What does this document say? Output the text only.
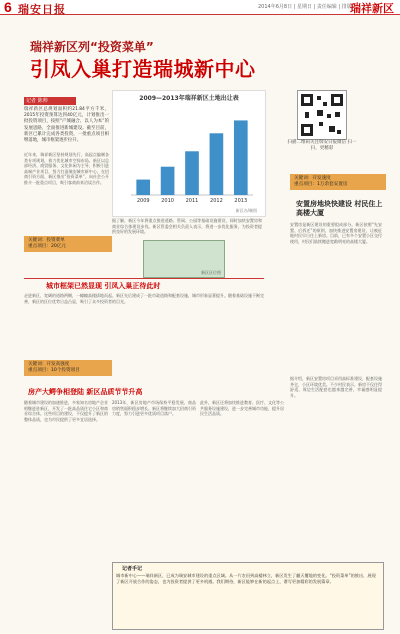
6 瑞安日报	2014年6月8日 | 星期日 | 责任编辑 | 排版
瑞祥新区
瑞祥新区列“投资菜单”
引凤入巢打造瑞城新中心
记者 陈帅
瑞祥新区总规划面积约21.84平方千米，2015年投资预算达到40亿元，计划推出一批投资项目，按照“产城融合、以人为本”的发展思路，全面推进新城建设。截至目前，新区已累计完成各类投资，一批重点项目相继落地，城市框架逐步拉开。
近年来，瑞祥新区坚持规划先行，高起点编制各类专项规划，着力优化城市空间布局。新区以总部经济、商贸服务、文化休闲为主导，积极引进高端产业项目，努力打造瑞安城市新中心。在招商引资方面，新区推出“投资菜单”，向社会公开推介一批重点项目，吸引客商前来洽谈合作。
关键词：投资菜单
重点项目：20亿元
2009—2013年瑞祥新区土地出让表
2009 2010 2011 2012 2013
新区办/制图
据了解，新区今年将重点推进道路、管网、公园等基础设施建设，同时加快安置房和商业综合体建设步伐。新区管委会相关负责人表示，将进一步优化服务，为投资者提供良好的发展环境。
新区区位图
城市框架已然显现 引凤入巢正待此时
走进新区，宽阔的道路两侧，一幢幢高楼拔地而起。新区先后建成了一批市政道路和配套设施，城市形象显著提升。随着基础设施不断完善，新区的区位优势日益凸显，吸引了众多投资者的目光。
关键词：开发高强度
重点项目：10个投资项目
房产大鳄争相登陆 新区品质节节升高
随着城市建设的加速推进，多家知名房地产企业相继进驻新区，开发了一批高品质住宅小区和商业综合体。这些项目的建设，不仅提升了新区的整体品质，也为市民提供了更多宜居选择。
2013年，新区房地产市场保持平稳发展，商品房销售面积稳步增长。新区将继续加大招商引资力度，努力引进更多优质项目落户。
此外，新区还将加快推进教育、医疗、文化等公共服务设施建设，进一步完善城市功能，提升居民生活品质。
记者手记
城市新中心——瑞祥新区，已成为瑞安城市建设的重点区域。从一片农田到高楼林立，新区发生了翻天覆地的变化。“投资菜单”的推出，展现了新区开放合作的姿态，也为投资者提供了更多机遇。我们期待，新区能够在新的起点上，谱写更加精彩的发展篇章。
扫描二维码关注瑞安日报微信 扫一扫，更精彩
关键词：开发速度
重点项目：1万余套安置房
安置房地块快建设 村民住上高楼大厦
安置房是新区建设的重要组成部分。新区按照“先安置、后拆迁”的原则，加快推进安置房建设，让被征地村民早日住上新房。目前，已有多个安置小区交付使用，村民们陆续搬进宽敞明亮的高楼大厦。
据介绍，新区安置房项目采用高标准建设，配套设施齐全，小区环境优美。不少村民表示，新房不仅住得舒适，周边生活配套也越来越完善，幸福感明显提升。
